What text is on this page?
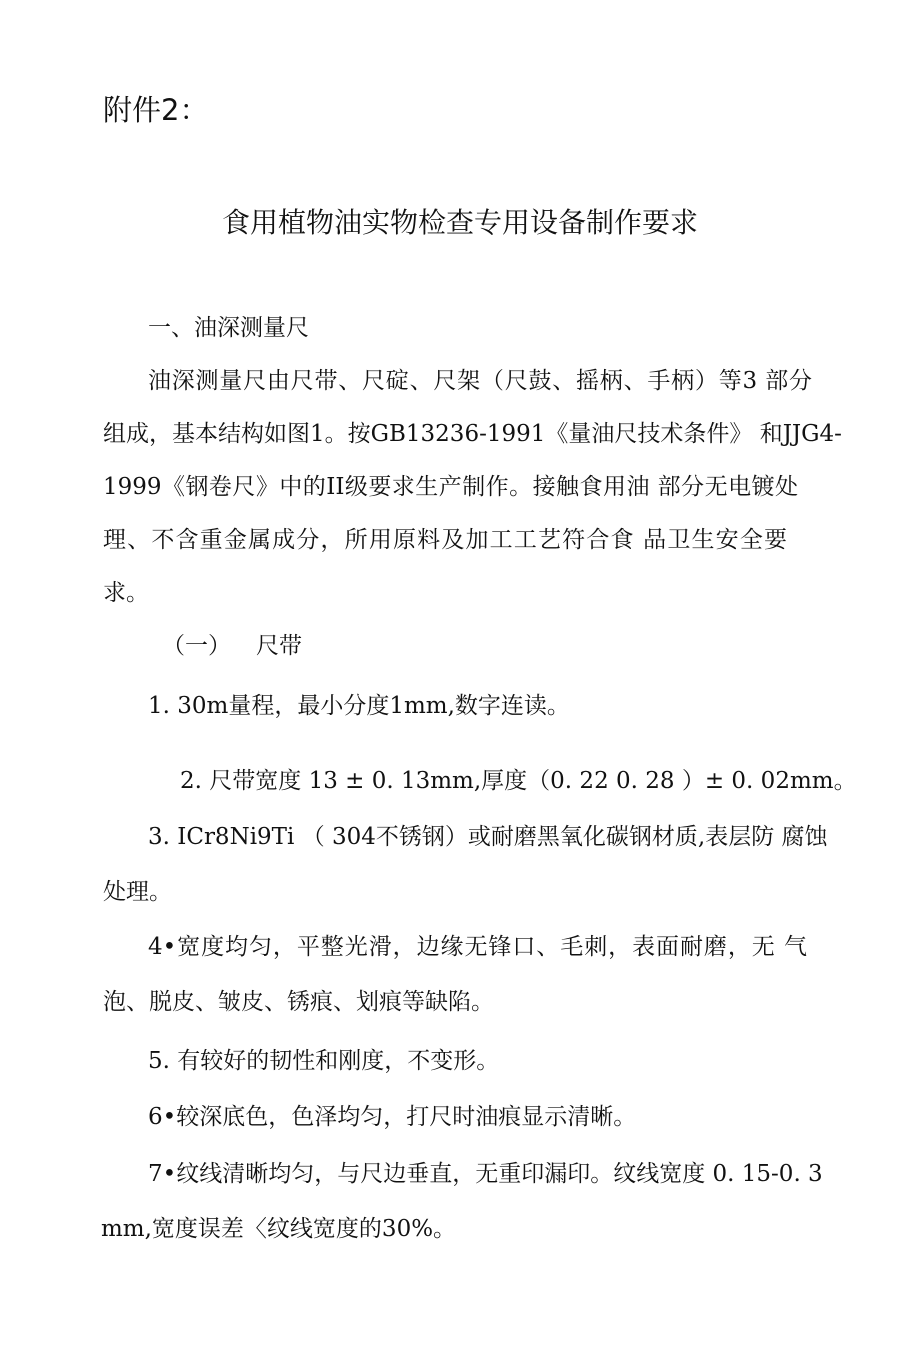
附件2：
食用植物油实物检查专用设备制作要求
一、油深测量尺
油深测量尺由尺带、尺碇、尺架（尺鼓、摇柄、手柄）等3 部分
组成，基本结构如图1。按GB13236-1991《量油尺技术条件》 和JJG4-
1999《钢卷尺》中的II级要求生产制作。接触食用油 部分无电镀处
理、不含重金属成分，所用原料及加工工艺符合食 品卫生安全要
求。
（一） 尺带
1. 30m量程，最小分度1mm,数字连读。
2. 尺带宽度 13 ± 0. 13mm,厚度（0. 22 0. 28 ）± 0. 02mm。
3. ICr8Ni9Ti （ 304不锈钢）或耐磨黑氧化碳钢材质,表层防 腐蚀
处理。
4•宽度均匀，平整光滑，边缘无锋口、毛刺，表面耐磨，无 气
泡、脱皮、皱皮、锈痕、划痕等缺陷。
5. 有较好的韧性和刚度，不变形。
6•较深底色，色泽均匀，打尺时油痕显示清晰。
7•纹线清晰均匀，与尺边垂直，无重印漏印。纹线宽度 0. 15-0. 3
mm,宽度误差〈纹线宽度的30%。
